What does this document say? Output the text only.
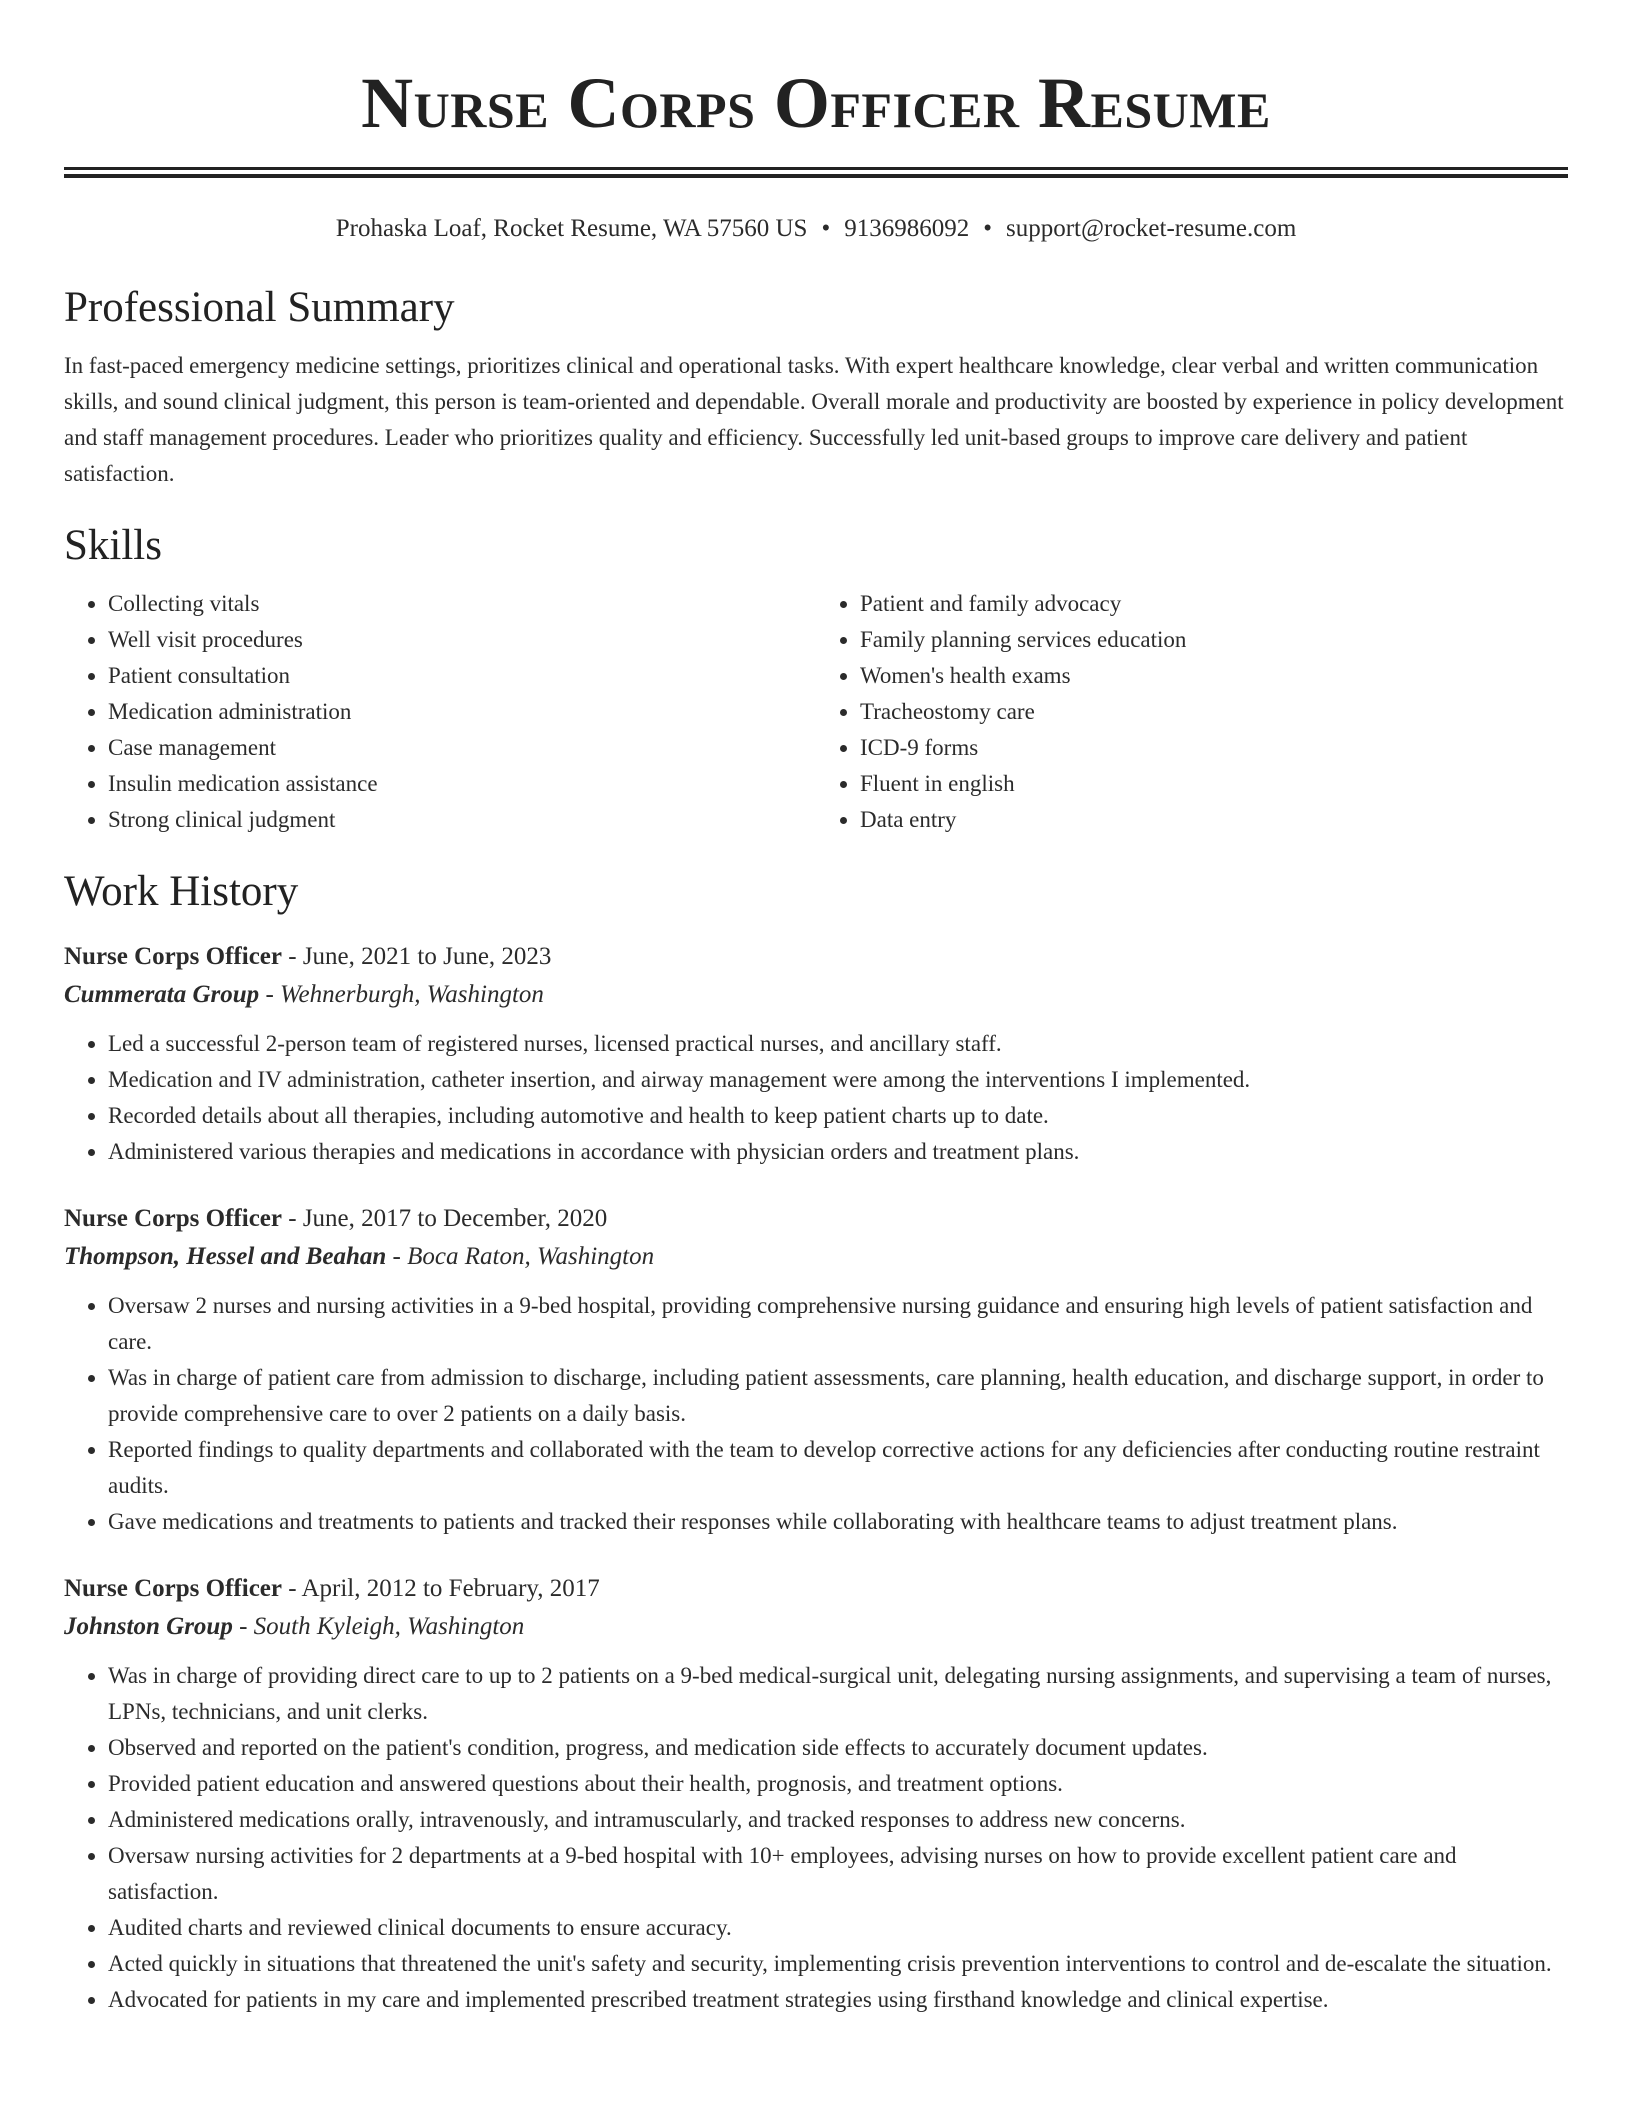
Nurse Corps Officer Resume
Prohaska Loaf, Rocket Resume, WA 57560 US • 9136986092 • support@rocket-resume.com
Professional Summary

In fast-paced emergency medicine settings, prioritizes clinical and operational tasks. With expert healthcare knowledge, clear verbal and written communication skills, and sound clinical judgment, this person is team-oriented and dependable. Overall morale and productivity are boosted by experience in policy development and staff management procedures. Leader who prioritizes quality and efficiency. Successfully led unit-based groups to improve care delivery and patient satisfaction.

Skills
• Collecting vitals
• Well visit procedures
• Patient consultation
• Medication administration
• Case management
• Insulin medication assistance
• Strong clinical judgment
• Patient and family advocacy
• Family planning services education
• Women's health exams
• Tracheostomy care
• ICD-9 forms
• Fluent in english
• Data entry
Work History
Nurse Corps Officer - June, 2021 to June, 2023
Cummerata Group - Wehnerburgh, Washington
• Led a successful 2-person team of registered nurses, licensed practical nurses, and ancillary staff.
• Medication and IV administration, catheter insertion, and airway management were among the interventions I implemented.
• Recorded details about all therapies, including automotive and health to keep patient charts up to date.
• Administered various therapies and medications in accordance with physician orders and treatment plans.
Nurse Corps Officer - June, 2017 to December, 2020
Thompson, Hessel and Beahan - Boca Raton, Washington
• Oversaw 2 nurses and nursing activities in a 9-bed hospital, providing comprehensive nursing guidance and ensuring high levels of patient satisfaction and care.
• Was in charge of patient care from admission to discharge, including patient assessments, care planning, health education, and discharge support, in order to provide comprehensive care to over 2 patients on a daily basis.
• Reported findings to quality departments and collaborated with the team to develop corrective actions for any deficiencies after conducting routine restraint audits.
• Gave medications and treatments to patients and tracked their responses while collaborating with healthcare teams to adjust treatment plans.
Nurse Corps Officer - April, 2012 to February, 2017
Johnston Group - South Kyleigh, Washington
• Was in charge of providing direct care to up to 2 patients on a 9-bed medical-surgical unit, delegating nursing assignments, and supervising a team of nurses, LPNs, technicians, and unit clerks.
• Observed and reported on the patient's condition, progress, and medication side effects to accurately document updates.
• Provided patient education and answered questions about their health, prognosis, and treatment options.
• Administered medications orally, intravenously, and intramuscularly, and tracked responses to address new concerns.
• Oversaw nursing activities for 2 departments at a 9-bed hospital with 10+ employees, advising nurses on how to provide excellent patient care and satisfaction.
• Audited charts and reviewed clinical documents to ensure accuracy.
• Acted quickly in situations that threatened the unit's safety and security, implementing crisis prevention interventions to control and de-escalate the situation.
• Advocated for patients in my care and implemented prescribed treatment strategies using firsthand knowledge and clinical expertise.
